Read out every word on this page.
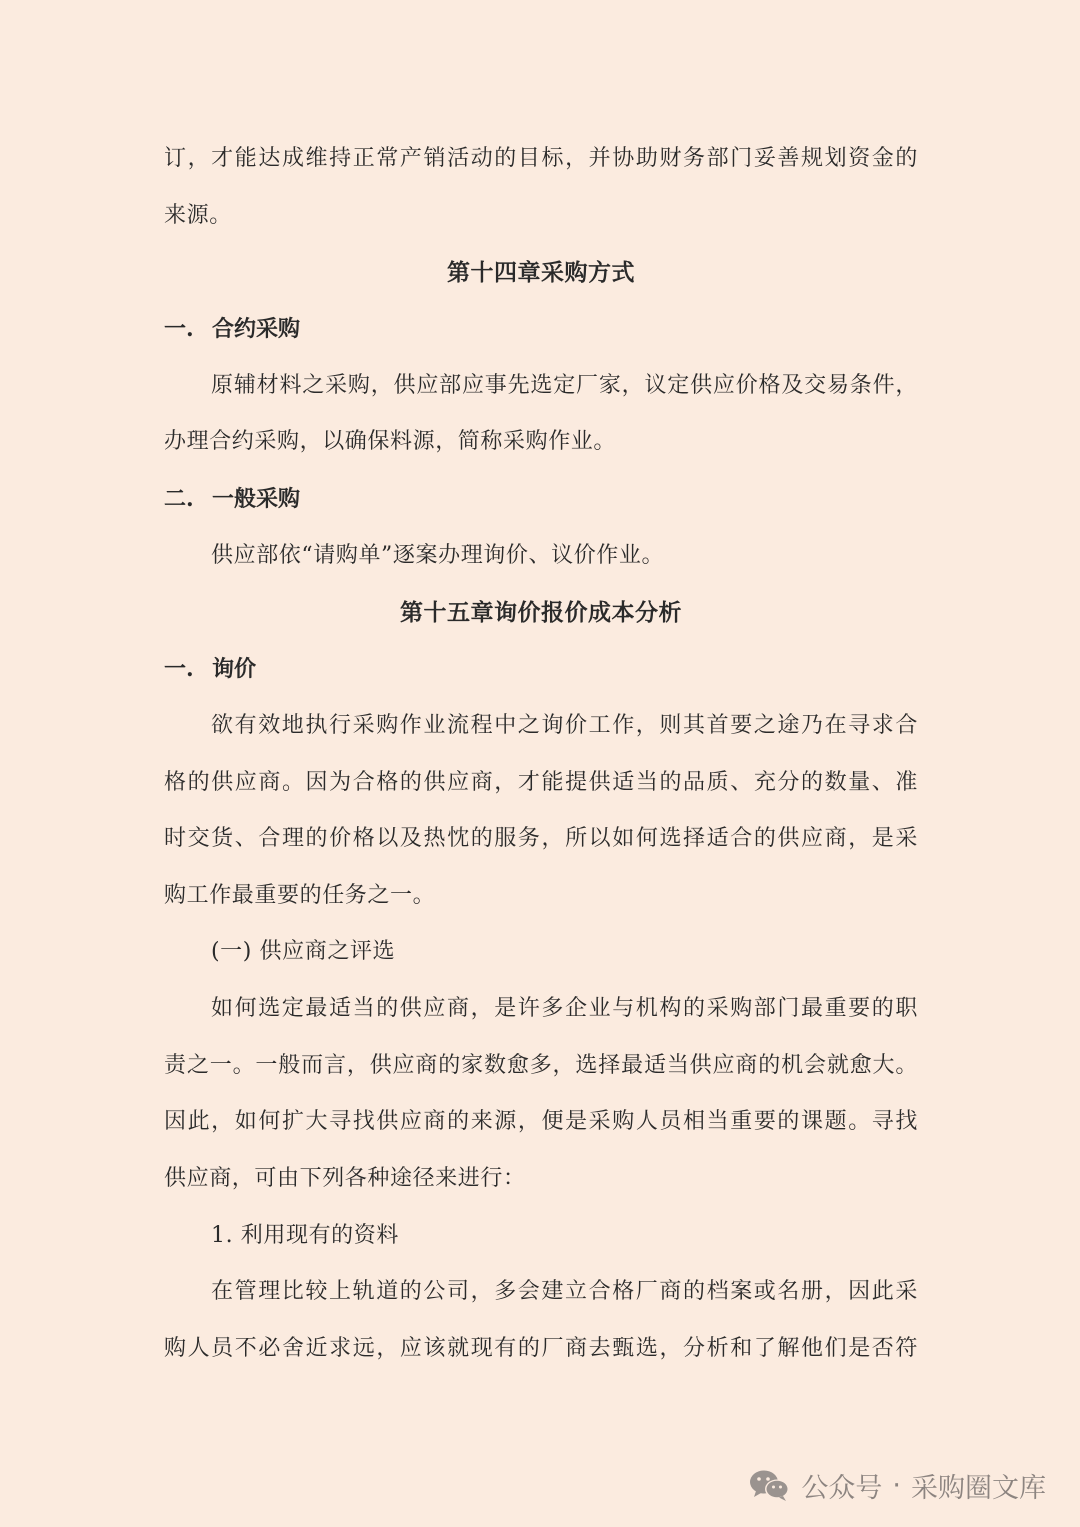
订，才能达成维持正常产销活动的目标，并协助财务部门妥善规划资金的
来源。
第十四章采购方式
一. 合约采购
原辅材料之采购，供应部应事先选定厂家，议定供应价格及交易条件，
办理合约采购，以确保料源，简称采购作业。
二. 一般采购
供应部依“请购单”逐案办理询价、议价作业。
第十五章询价报价成本分析
一. 询价
欲有效地执行采购作业流程中之询价工作，则其首要之途乃在寻求合
格的供应商。因为合格的供应商，才能提供适当的品质、充分的数量、准
时交货、合理的价格以及热忱的服务，所以如何选择适合的供应商，是采
购工作最重要的任务之一。
(一) 供应商之评选
如何选定最适当的供应商，是许多企业与机构的采购部门最重要的职
责之一。一般而言，供应商的家数愈多，选择最适当供应商的机会就愈大。
因此，如何扩大寻找供应商的来源，便是采购人员相当重要的课题。寻找
供应商，可由下列各种途径来进行：
1. 利用现有的资料
在管理比较上轨道的公司，多会建立合格厂商的档案或名册，因此采
购人员不必舍近求远，应该就现有的厂商去甄选，分析和了解他们是否符
公众号 · 采购圈文库
